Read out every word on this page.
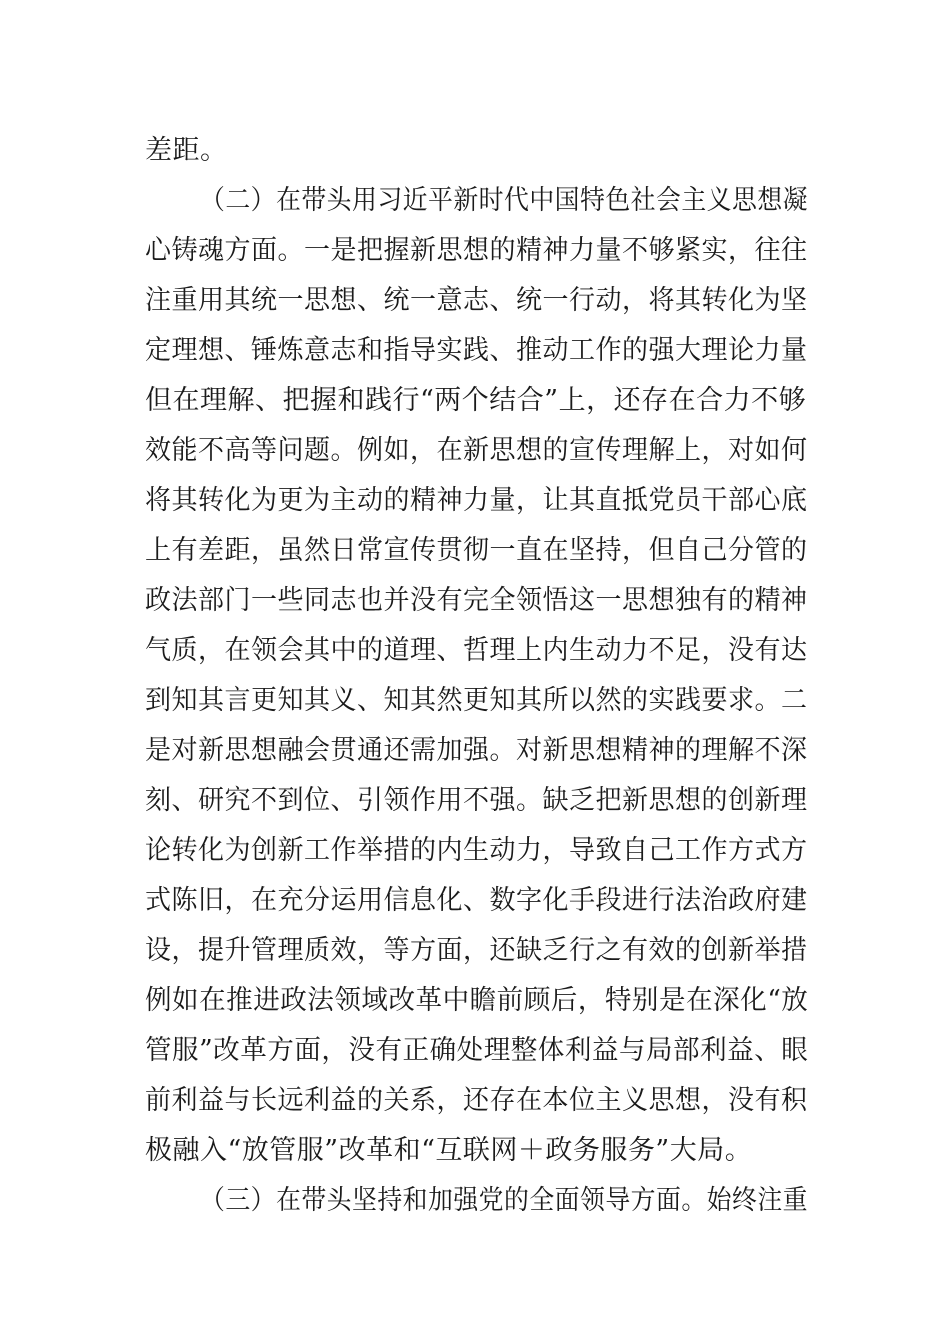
差距。
（二）在带头用习近平新时代中国特色社会主义思想凝
心铸魂方面。一是把握新思想的精神力量不够紧实，往往
注重用其统一思想、统一意志、统一行动，将其转化为坚
定理想、锤炼意志和指导实践、推动工作的强大理论力量
但在理解、把握和践行“两个结合”上，还存在合力不够
效能不高等问题。例如，在新思想的宣传理解上，对如何
将其转化为更为主动的精神力量，让其直抵党员干部心底
上有差距，虽然日常宣传贯彻一直在坚持，但自己分管的
政法部门一些同志也并没有完全领悟这一思想独有的精神
气质，在领会其中的道理、哲理上内生动力不足，没有达
到知其言更知其义、知其然更知其所以然的实践要求。二
是对新思想融会贯通还需加强。对新思想精神的理解不深
刻、研究不到位、引领作用不强。缺乏把新思想的创新理
论转化为创新工作举措的内生动力，导致自己工作方式方
式陈旧，在充分运用信息化、数字化手段进行法治政府建
设，提升管理质效，等方面，还缺乏行之有效的创新举措
例如在推进政法领域改革中瞻前顾后，特别是在深化“放
管服”改革方面，没有正确处理整体利益与局部利益、眼
前利益与长远利益的关系，还存在本位主义思想，没有积
极融入“放管服”改革和“互联网＋政务服务”大局。
（三）在带头坚持和加强党的全面领导方面。始终注重
